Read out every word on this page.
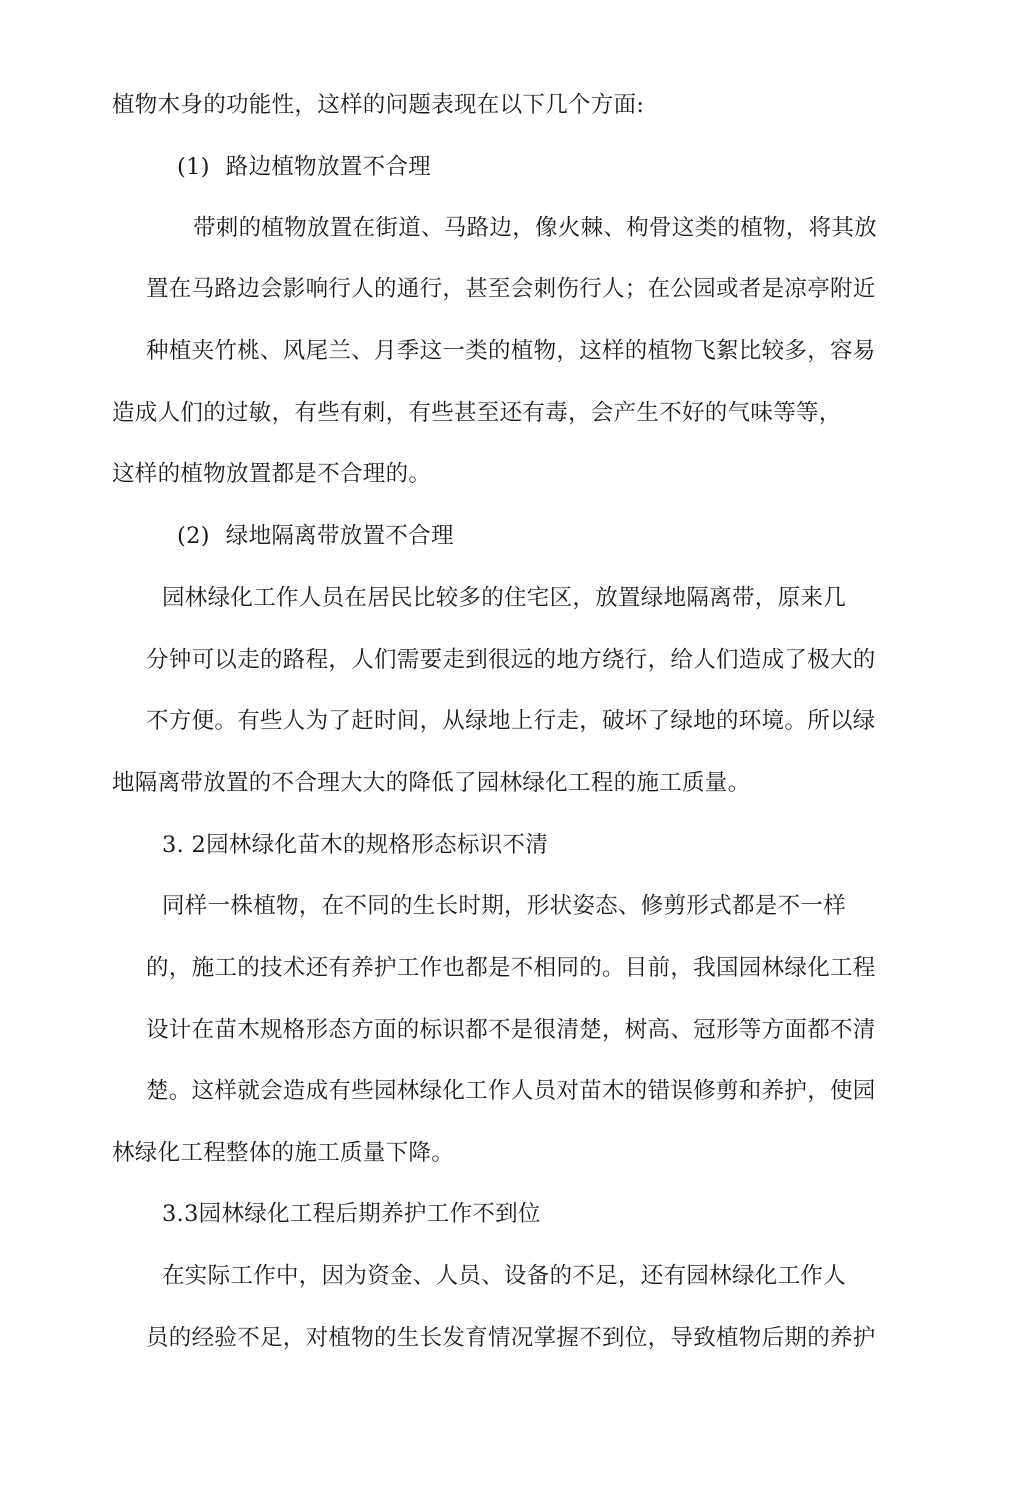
植物木身的功能性，这样的问题表现在以下几个方面:
(1) 路边植物放置不合理
带刺的植物放置在街道、马路边，像火棘、枸骨这类的植物，将其放
置在马路边会影响行人的通行，甚至会刺伤行人；在公园或者是凉亭附近
种植夹竹桃、风尾兰、月季这一类的植物，这样的植物飞絮比较多，容易
造成人们的过敏，有些有刺，有些甚至还有毒，会产生不好的气味等等，
这样的植物放置都是不合理的。
(2) 绿地隔离带放置不合理
园林绿化工作人员在居民比较多的住宅区，放置绿地隔离带，原来几
分钟可以走的路程，人们需要走到很远的地方绕行，给人们造成了极大的
不方便。有些人为了赶时间，从绿地上行走，破坏了绿地的环境。所以绿
地隔离带放置的不合理大大的降低了园林绿化工程的施工质量。
3. 2园林绿化苗木的规格形态标识不清
同样一株植物，在不同的生长时期，形状姿态、修剪形式都是不一样
的，施工的技术还有养护工作也都是不相同的。目前，我国园林绿化工程
设计在苗木规格形态方面的标识都不是很清楚，树高、冠形等方面都不清
楚。这样就会造成有些园林绿化工作人员对苗木的错误修剪和养护，使园
林绿化工程整体的施工质量下降。
3.3园林绿化工程后期养护工作不到位
在实际工作中，因为资金、人员、设备的不足，还有园林绿化工作人
员的经验不足，对植物的生长发育情况掌握不到位，导致植物后期的养护
